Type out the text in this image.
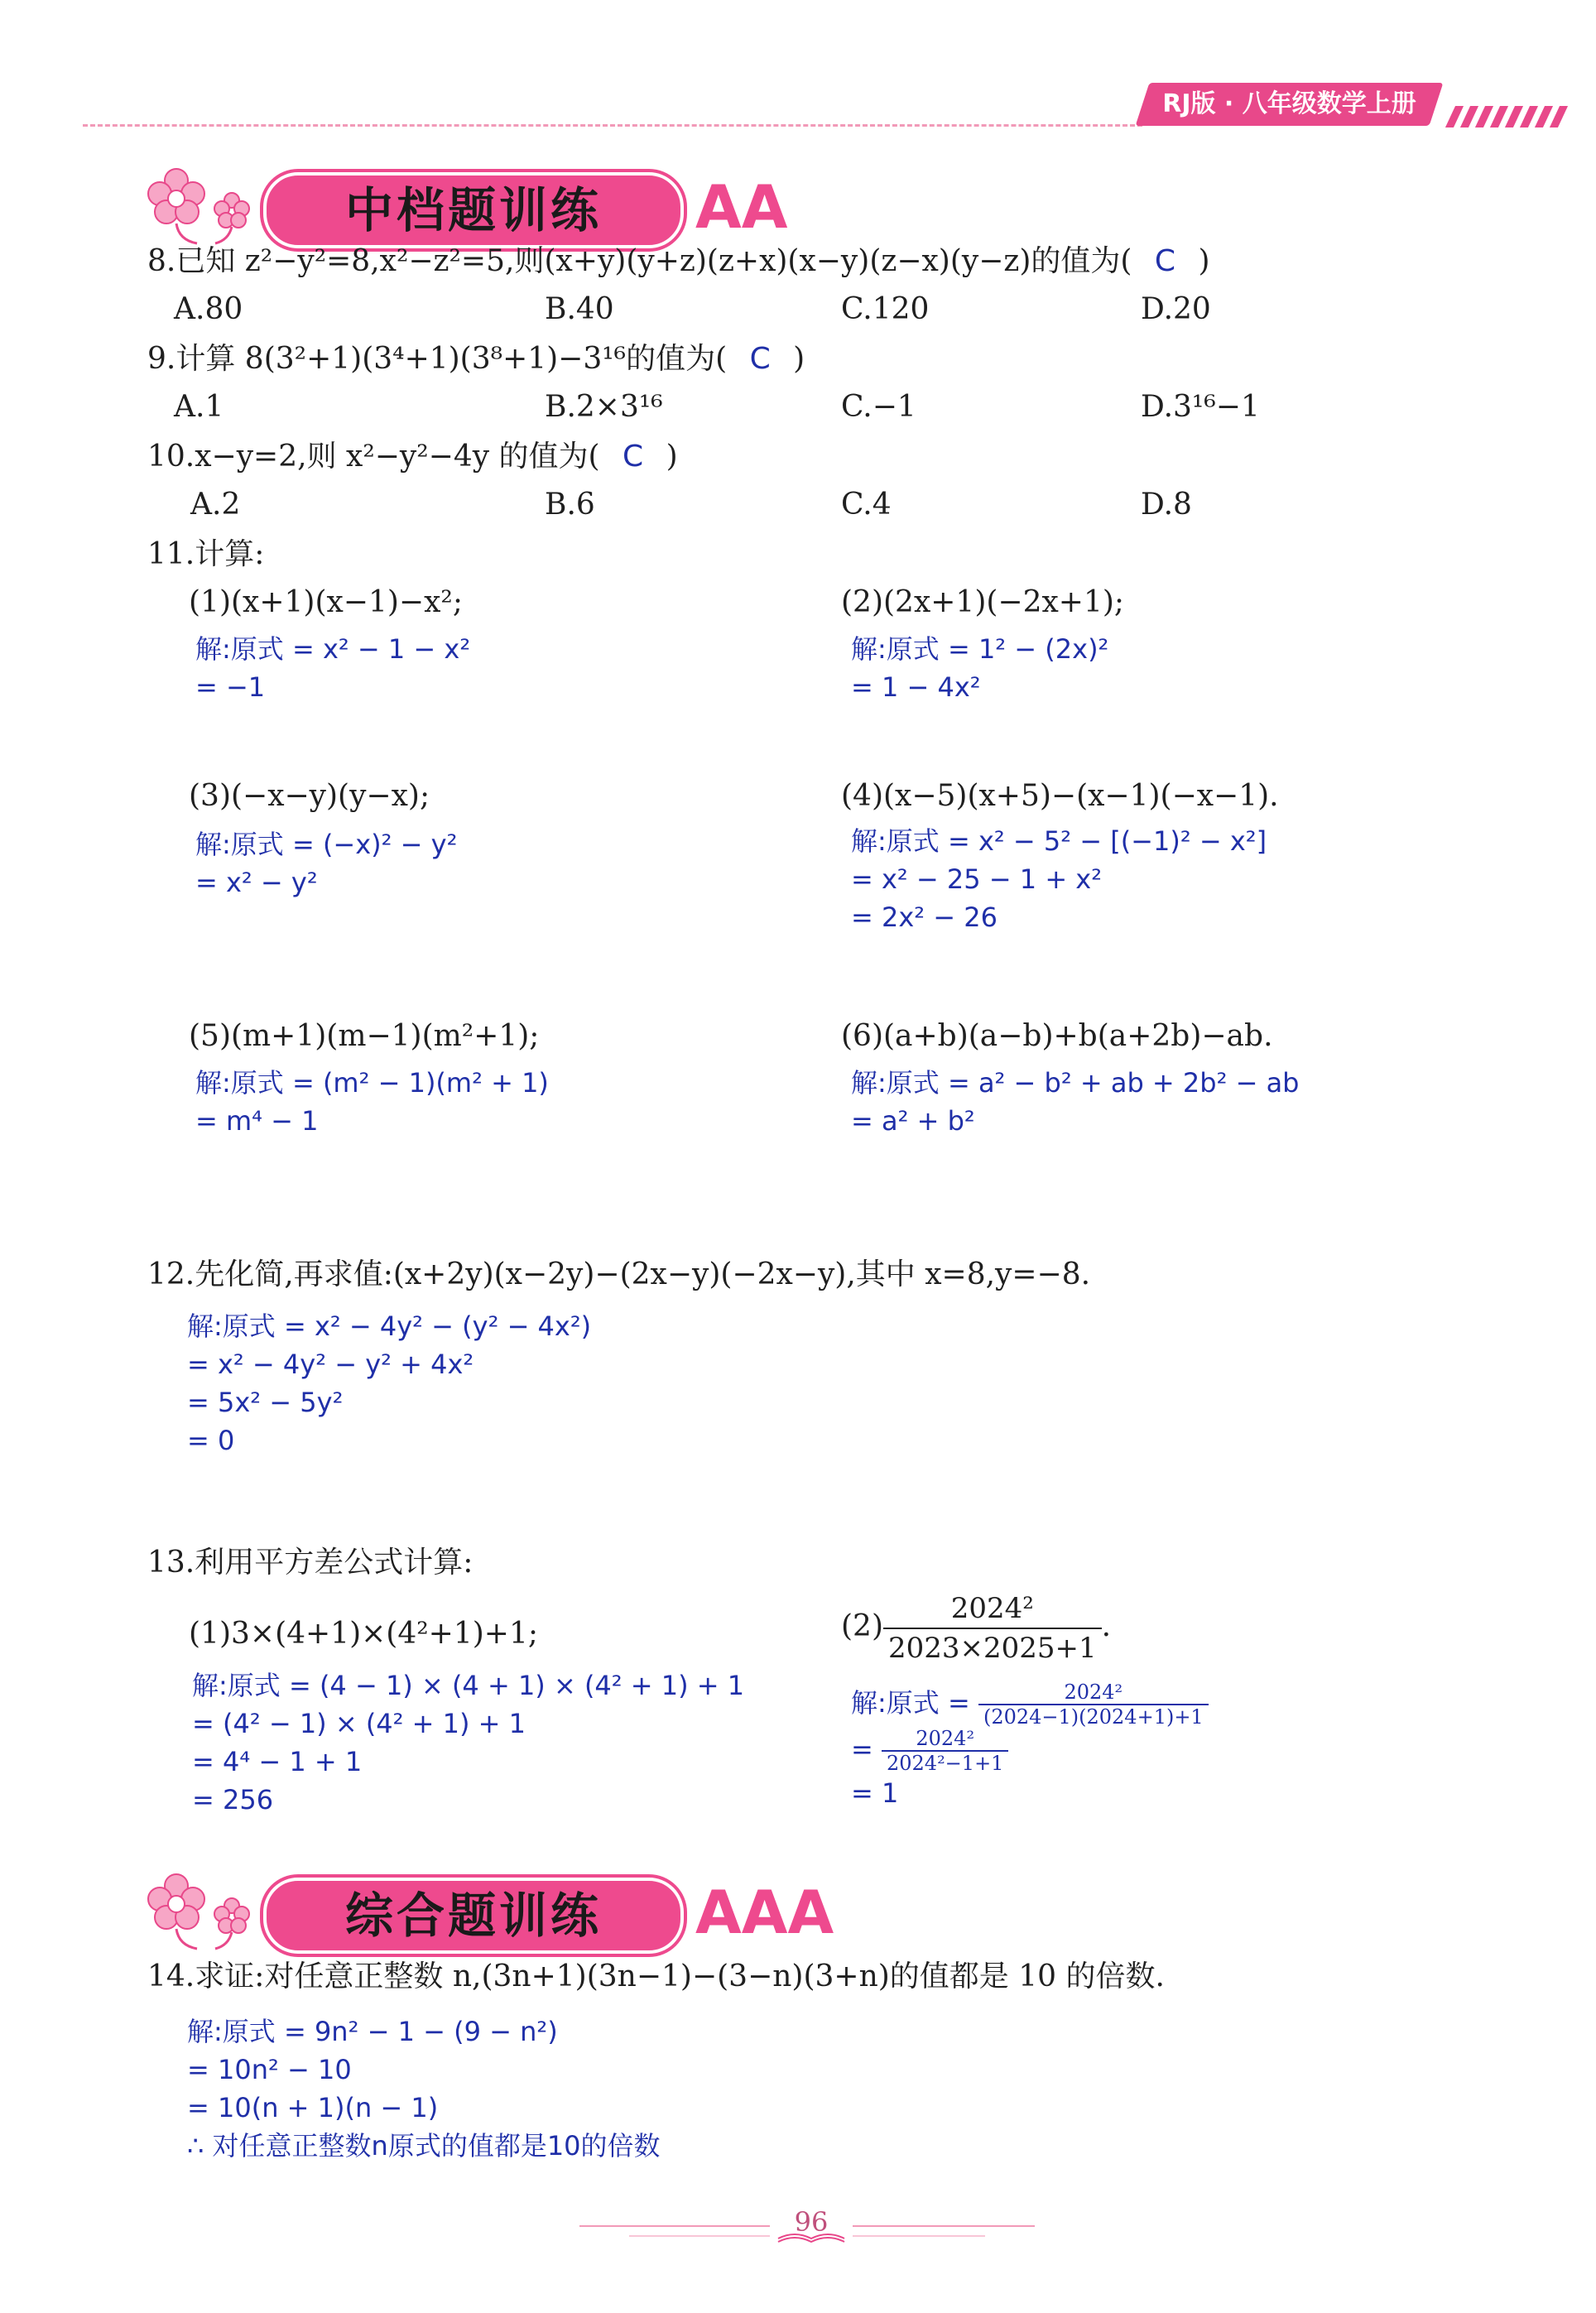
RJ版 · 八年级数学上册
中档题训练	AA
8.已知 z²−y²=8,x²−z²=5,则(x+y)(y+z)(z+x)(x−y)(z−x)(y−z)的值为( C )
A.80	B.40	C.120	D.20
9.计算 8(3²+1)(3⁴+1)(3⁸+1)−3¹⁶的值为( C )
A.1	B.2×3¹⁶	C.−1	D.3¹⁶−1
10.x−y=2,则 x²−y²−4y 的值为( C )
A.2	B.6	C.4	D.8
11.计算:
(1)(x+1)(x−1)−x²;
解:原式 = x² − 1 − x²
= −1
(2)(2x+1)(−2x+1);
解:原式 = 1² − (2x)²
= 1 − 4x²
(3)(−x−y)(y−x);
解:原式 = (−x)² − y²
= x² − y²
(4)(x−5)(x+5)−(x−1)(−x−1).
解:原式 = x² − 5² − [(−1)² − x²]
= x² − 25 − 1 + x²
= 2x² − 26
(5)(m+1)(m−1)(m²+1);
解:原式 = (m² − 1)(m² + 1)
= m⁴ − 1
(6)(a+b)(a−b)+b(a+2b)−ab.
解:原式 = a² − b² + ab + 2b² − ab
= a² + b²
12.先化简,再求值:(x+2y)(x−2y)−(2x−y)(−2x−y),其中 x=8,y=−8.
解:原式 = x² − 4y² − (y² − 4x²)
= x² − 4y² − y² + 4x²
= 5x² − 5y²
= 0
13.利用平方差公式计算:
(1)3×(4+1)×(4²+1)+1;
解:原式 = (4 − 1) × (4 + 1) × (4² + 1) + 1
= (4² − 1) × (4² + 1) + 1
= 4⁴ − 1 + 1
= 256
$(2) \frac{\text{2024²}}{2023\times 2025+1}$ .
解:原式 = $\frac{\text{2024²}}{(2024-1)(2024+1)+1}$
= $\frac{\text{2024²}}{\text{2024²−1+1}}$
= 1
综合题训练	AAA
14.求证:对任意正整数 n,(3n+1)(3n−1)−(3−n)(3+n)的值都是 10 的倍数.
解:原式 = 9n² − 1 − (9 − n²)
= 10n² − 10
= 10(n + 1)(n − 1)
∴ 对任意正整数n原式的值都是10的倍数
96
